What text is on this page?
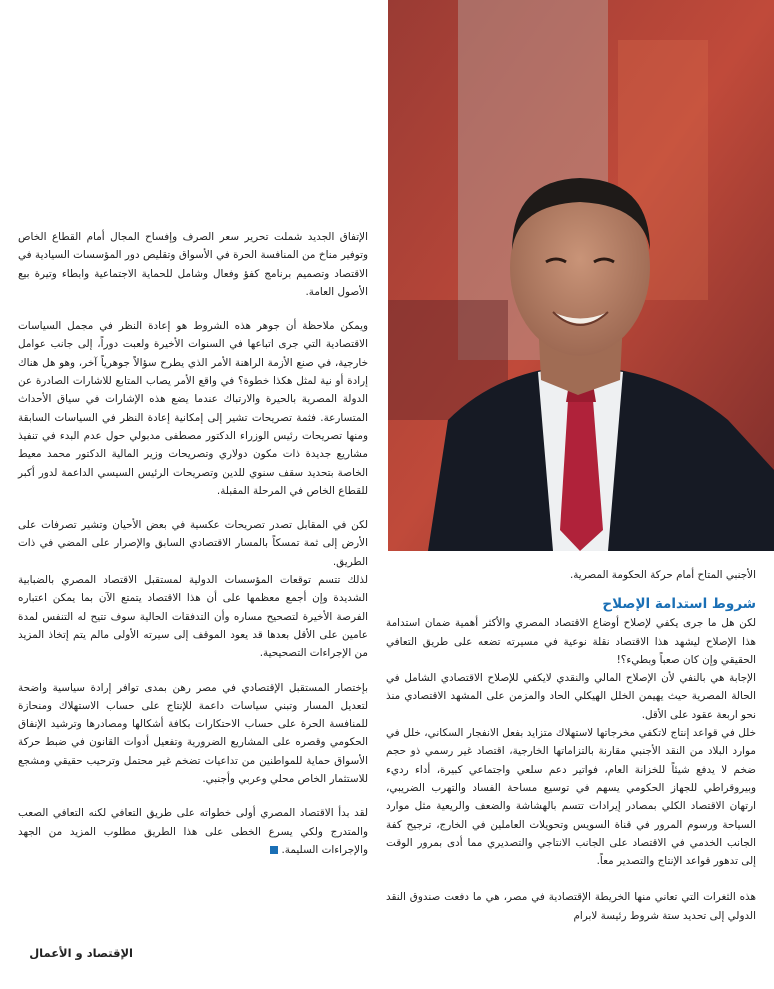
الإتفاق الجديد شملت تحرير سعر الصرف وإفساح المجال أمام القطاع الخاص وتوفير مناخ من المنافسة الحرة في الأسواق وتقليص دور المؤسسات السيادية في الاقتصاد وتصميم برنامج كفؤ وفعال وشامل للحماية الاجتماعية وابطاء وتيرة بيع الأصول العامة.

ويمكن ملاحظة أن جوهر هذه الشروط هو إعادة النظر في مجمل السياسات الاقتصادية التي جرى اتباعها في السنوات الأخيرة ولعبت دوراً، إلى جانب عوامل خارجية، في صنع الأزمة الراهنة الأمر الذي يطرح سؤالاً جوهرياً آخر، وهو هل هناك إرادة أو نية لمثل هكذا خطوة؟ في واقع الأمر يصاب المتابع للاشارات الصادرة عن الدولة المصرية بالحيرة والارتباك عندما يضع هذه الإشارات في سياق الأحداث المتسارعة. فثمة تصريحات تشير إلى إمكانية إعادة النظر في السياسات السابقة ومنها تصريحات رئيس الوزراء الدكتور مصطفى مدبولي حول عدم البدء في تنفيذ مشاريع جديدة ذات مكون دولاري وتصريحات وزير المالية الدكتور محمد معيط الخاصة بتحديد سقف سنوي للدين وتصريحات الرئيس السيسي الداعمة لدور أكبر للقطاع الخاص في المرحلة المقبلة.

لكن في المقابل تصدر تصريحات عكسية في بعض الأحيان وتشير تصرفات على الأرض إلى ثمة تمسكاً بالمسار الاقتصادي السابق والإصرار على المضي في ذات الطريق.

لذلك تتسم توقعات المؤسسات الدولية لمستقبل الاقتصاد المصري بالضبابية الشديدة وإن أجمع معظمها على أن هذا الاقتصاد يتمتع الآن بما يمكن اعتباره الفرصة الأخيرة لتصحيح مساره وأن التدفقات الحالية سوف تتيح له التنفس لمدة عامين على الأقل بعدها قد يعود الموقف إلى سيرته الأولى مالم يتم إتخاذ المزيد من الإجراءات التصحيحية.

بإختصار المستقبل الإقتصادي في مصر رهن بمدى توافر إرادة سياسية واضحة لتعديل المسار وتبني سياسات داعمة للإنتاج على حساب الاستهلاك ومنحازة للمنافسة الحرة على حساب الاحتكارات بكافة أشكالها ومصادرها وترشيد الإنفاق الحكومي وقصره على المشاريع الضرورية وتفعيل أدوات القانون في ضبط حركة الأسواق حماية للمواطنين من تداعيات تضخم غير محتمل وترحيب حقيقي ومشجع للاستثمار الخاص محلي وعربي وأجنبي.

لقد بدأ الاقتصاد المصري أولى خطواته على طريق التعافي لكنه التعافي الصعب والمتدرج ولكي يسرع الخطى على هذا الطريق مطلوب المزيد من الجهد والإجراءات السليمة.

الأجنبي المتاح أمام حركة الحكومة المصرية.

شروط استدامة الإصلاح

لكن هل ما جرى يكفي لإصلاح أوضاع الاقتصاد المصري والأكثر أهمية ضمان استدامة هذا الإصلاح ليشهد هذا الاقتصاد نقلة نوعية في مسيرته تضعه على طريق التعافي الحقيقي وإن كان صعباً وبطيء؟!

الإجابة هي بالنفي لأن الإصلاح المالي والنقدي لايكفي للإصلاح الاقتصادي الشامل في الحالة المصرية حيث يهيمن الخلل الهيكلي الحاد والمزمن على المشهد الاقتصادي منذ نحو اربعة عقود على الأقل.

خلل في قواعد إنتاج لاتكفي مخرجاتها لاستهلاك متزايد بفعل الانفجار السكاني، خلل في موارد البلاد من النقد الأجنبي مقارنة بالتزاماتها الخارجية، اقتصاد غير رسمي ذو حجم ضخم لا يدفع شيئاً للخزانة العام، فواتير دعم سلعي واجتماعي كبيرة، أداء رديء وبيروقراطي للجهاز الحكومي يسهم في توسيع مساحة الفساد والتهرب الضريبي، ارتهان الاقتصاد الكلي بمصادر إيرادات تتسم بالهشاشة والضعف والريعية مثل موارد السياحة ورسوم المرور في قناة السويس وتحويلات العاملين في الخارج، ترجيح كفة الجانب الخدمي في الاقتصاد على الجانب الانتاجي والتصديري مما أدى بمرور الوقت إلى تدهور قواعد الإنتاج والتصدير معاً.

هذه الثغرات التي تعاني منها الخريطة الإقتصادية في مصر، هي ما دفعت صندوق النقد الدولي إلى تحديد ستة شروط رئيسة لابرام

الإقتصاد و الأعمال
